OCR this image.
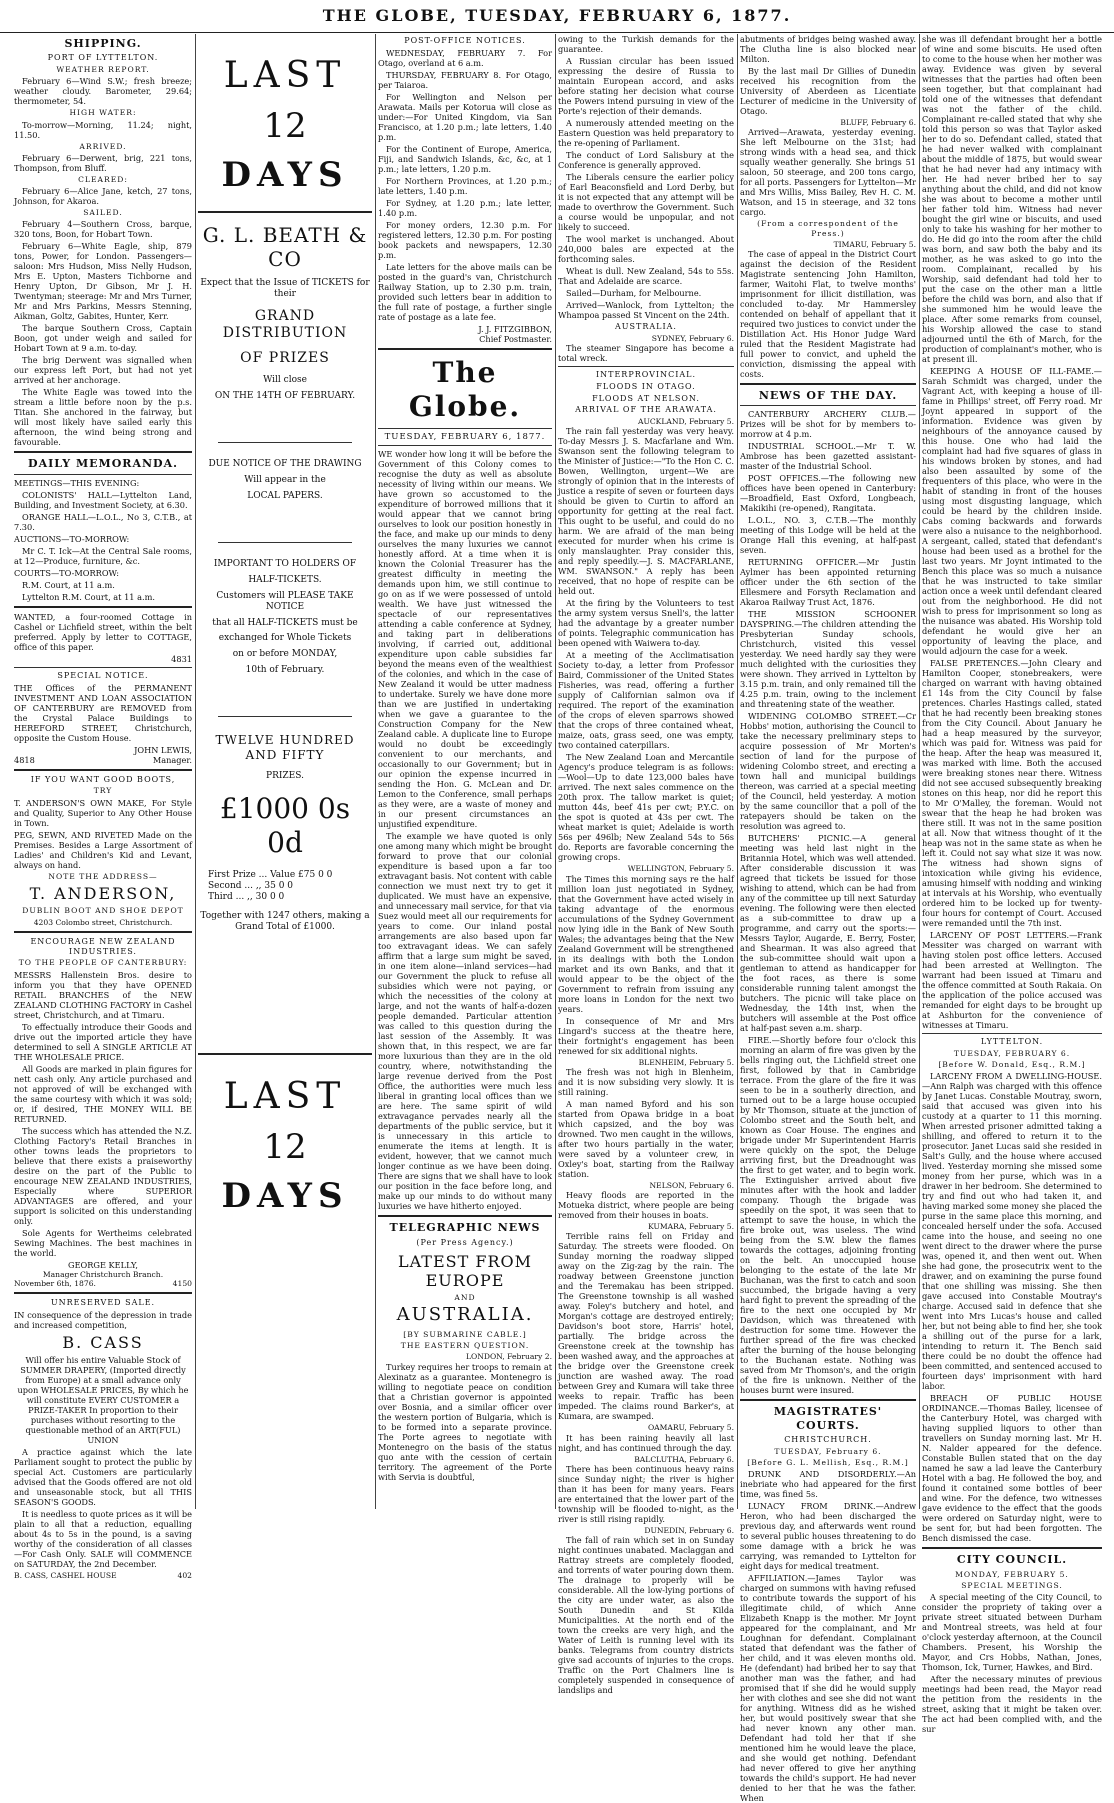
THE GLOBE, TUESDAY, FEBRUARY 6, 1877.
SHIPPING.
PORT OF LYTTELTON.
WEATHER REPORT.

February 6—Wind S.W.; fresh breeze; weather cloudy. Barometer, 29.64; thermometer, 54.

HIGH WATER:

To-morrow—Morning, 11.24; night, 11.50.

ARRIVED.

February 6—Derwent, brig, 221 tons, Thompson, from Bluff.

CLEARED:

February 6—Alice Jane, ketch, 27 tons, Johnson, for Akaroa.

SAILED.

February 4—Southern Cross, barque, 320 tons, Boon, for Hobart Town.

February 6—White Eagle, ship, 879 tons, Power, for London. Passengers—saloon: Mrs Hudson, Miss Nelly Hudson, Mrs E. Upton, Masters Tichborne and Henry Upton, Dr Gibson, Mr J. H. Twentyman; steerage: Mr and Mrs Turner, Mr and Mrs Parkins, Messrs Stenning, Aikman, Goltz, Gabites, Hunter, Kerr.

The barque Southern Cross, Captain Boon, got under weigh and sailed for Hobart Town at 9 a.m. to-day.

The brig Derwent was signalled when our express left Port, but had not yet arrived at her anchorage.

The White Eagle was towed into the stream a little before noon by the p.s. Titan. She anchored in the fairway, but will most likely have sailed early this afternoon, the wind being strong and favourable.

DAILY MEMORANDA.

MEETINGS—THIS EVENING:

COLONISTS' HALL—Lyttelton Land, Building, and Investment Society, at 6.30.

ORANGE HALL—L.O.L., No 3, C.T.B., at 7.30.

AUCTIONS—TO-MORROW:

Mr C. T. Ick—At the Central Sale rooms, at 12—Produce, furniture, &c.

COURTS—TO-MORROW:

R.M. Court, at 11 a.m.

Lyttelton R.M. Court, at 11 a.m.

WANTED, a four-roomed Cottage in Cashel or Lichfield street, within the belt preferred. Apply by letter to COTTAGE, office of this paper.

4831
SPECIAL NOTICE.

THE Offices of the PERMANENT INVESTMENT AND LOAN ASSOCIATION OF CANTERBURY are REMOVED from the Crystal Palace Buildings to HEREFORD STREET, Christchurch, opposite the Custom House.

JOHN LEWIS,
4818	Manager.
IF YOU WANT GOOD BOOTS,
TRY

T. ANDERSON'S OWN MAKE, For Style and Quality, Superior to Any Other House in Town.

PEG, SEWN, AND RIVETED Made on the Premises. Besides a Large Assortment of Ladies' and Children's Kid and Levant, always on hand.

NOTE THE ADDRESS—
T. ANDERSON,
DUBLIN BOOT AND SHOE DEPOT
4203 Colombo street, Christchurch.
ENCOURAGE NEW ZEALAND INDUSTRIES.
TO THE PEOPLE OF CANTERBURY:

MESSRS Hallenstein Bros. desire to inform you that they have OPENED RETAIL BRANCHES of the NEW ZEALAND CLOTHING FACTORY in Cashel street, Christchurch, and at Timaru.

To effectually introduce their Goods and drive out the imported article they have determined to sell A SINGLE ARTICLE AT THE WHOLESALE PRICE.

All Goods are marked in plain figures for nett cash only. Any article purchased and not approved of will be exchanged with the same courtesy with which it was sold; or, if desired, THE MONEY WILL BE RETURNED.

The success which has attended the N.Z. Clothing Factory's Retail Branches in other towns leads the proprietors to believe that there exists a praiseworthy desire on the part of the Public to encourage NEW ZEALAND INDUSTRIES, Especially where SUPERIOR ADVANTAGES are offered, and your support is solicited on this understanding only.

Sole Agents for Wertheims celebrated Sewing Machines. The best machines in the world.

GEORGE KELLY,
Manager Christchurch Branch.
November 6th, 1876.	4150
UNRESERVED SALE.

IN consequence of the depression in trade and increased competition,

B. CASS

Will offer his entire Valuable Stock of SUMMER DRAPERY, (Imported directly from Europe) at a small advance only upon WHOLESALE PRICES, By which he will constitute EVERY CUSTOMER a PRIZE-TAKER In proportion to their purchases without resorting to the questionable method of an ART(FUL) UNION

A practice against which the late Parliament sought to protect the public by special Act. Customers are particularly advised that the Goods offered are not old and unseasonable stock, but all THIS SEASON'S GOODS.

It is needless to quote prices as it will be plain to all that a reduction, equalling about 4s to 5s in the pound, is a saving worthy of the consideration of all classes—For Cash Only. SALE will COMMENCE on SATURDAY, the 2nd December.

B. CASS, CASHEL HOUSE	402
LAST
12
DAYS
G. L. BEATH & CO
Expect that the Issue of TICKETS for their
GRAND DISTRIBUTION
OF PRIZES
Will close
ON THE 14TH OF FEBRUARY.
DUE NOTICE OF THE DRAWING
Will appear in the
LOCAL PAPERS.
IMPORTANT TO HOLDERS OF
HALF-TICKETS.
Customers will PLEASE TAKE NOTICE
that all HALF-TICKETS must be
exchanged for Whole Tickets
on or before MONDAY,
10th of February.
TWELVE HUNDRED AND FIFTY
PRIZES.
£1000 0s 0d
First Prize ... Value £75 0 0
Second ... ,, 35 0 0
Third ... ,, 30 0 0
Together with 1247 others, making a Grand Total of £1000.
LAST
12
DAYS
POST-OFFICE NOTICES.

WEDNESDAY, FEBRUARY 7. For Otago, overland at 6 a.m.

THURSDAY, FEBRUARY 8. For Otago, per Taiaroa.

For Wellington and Nelson per Arawata. Mails per Kotorua will close as under:—For United Kingdom, via San Francisco, at 1.20 p.m.; late letters, 1.40 p.m.

For the Continent of Europe, America, Fiji, and Sandwich Islands, &c, &c, at 1 p.m.; late letters, 1.20 p.m.

For Northern Provinces, at 1.20 p.m.; late letters, 1.40 p.m.

For Sydney, at 1.20 p.m.; late letter, 1.40 p.m.

For money orders, 12.30 p.m. For registered letters, 12.30 p.m. For posting book packets and newspapers, 12.30 p.m.

Late letters for the above mails can be posted in the guard's van, Christchurch Railway Station, up to 2.30 p.m. train, provided such letters bear in addition to the full rate of postage, a further single rate of postage as a late fee.

J. J. FITZGIBBON,
Chief Postmaster.
The Globe.
TUESDAY, FEBRUARY 6, 1877.

WE wonder how long it will be before the Government of this Colony comes to recognise the duty as well as absolute necessity of living within our means. We have grown so accustomed to the expenditure of borrowed millions that it would appear that we cannot bring ourselves to look our position honestly in the face, and make up our minds to deny ourselves the many luxuries we cannot honestly afford. At a time when it is known the Colonial Treasurer has the greatest difficulty in meeting the demands upon him, we still continue to go on as if we were possessed of untold wealth. We have just witnessed the spectacle of our representatives attending a cable conference at Sydney, and taking part in deliberations involving, if carried out, additional expenditure upon cable subsidies far beyond the means even of the wealthiest of the colonies, and which in the case of New Zealand it would be utter madness to undertake. Surely we have done more than we are justified in undertaking when we gave a guarantee to the Construction Company for the New Zealand cable. A duplicate line to Europe would no doubt be exceedingly convenient to our merchants, and occasionally to our Government; but in our opinion the expense incurred in sending the Hon. G. McLean and Dr. Lemon to the Conference, small perhaps as they were, are a waste of money and in our present circumstances an unjustified expenditure.

The example we have quoted is only one among many which might be brought forward to prove that our colonial expenditure is based upon a far too extravagant basis. Not content with cable connection we must next try to get it duplicated. We must have an expensive, and unnecessary mail service, for that via Suez would meet all our requirements for years to come. Our inland postal arrangements are also based upon far too extravagant ideas. We can safely affirm that a large sum might be saved, in one item alone—inland services—had our Government the pluck to refuse all subsidies which were not paying, or which the necessities of the colony at large, and not the wants of half-a-dozen people demanded. Particular attention was called to this question during the last session of the Assembly. It was shown that, in this respect, we are far more luxurious than they are in the old country, where, notwithstanding the large revenue derived from the Post Office, the authorities were much less liberal in granting local offices than we are here. The same spirit of wild extravagance pervades nearly all the departments of the public service, but it is unnecessary in this article to enumerate the items at length. It is evident, however, that we cannot much longer continue as we have been doing. There are signs that we shall have to look our position in the face before long, and make up our minds to do without many luxuries we have hitherto enjoyed.

TELEGRAPHIC NEWS
(Per Press Agency.)
LATEST FROM EUROPE
AND
AUSTRALIA.
[BY SUBMARINE CABLE.]
THE EASTERN QUESTION.
LONDON, February 2.

Turkey requires her troops to remain at Alexinatz as a guarantee. Montenegro is willing to negotiate peace on condition that a Christian governor is appointed over Bosnia, and a similar officer over the western portion of Bulgaria, which is to be formed into a separate province. The Porte agrees to negotiate with Montenegro on the basis of the status quo ante with the cession of certain territory. The agreement of the Porte with Servia is doubtful,

owing to the Turkish demands for the guarantee.

A Russian circular has been issued expressing the desire of Russia to maintain European accord, and asks before stating her decision what course the Powers intend pursuing in view of the Porte's rejection of their demands.

A numerously attended meeting on the Eastern Question was held preparatory to the re-opening of Parliament.

The conduct of Lord Salisbury at the Conference is generally approved.

The Liberals censure the earlier policy of Earl Beaconsfield and Lord Derby, but it is not expected that any attempt will be made to overthrow the Government. Such a course would be unpopular, and not likely to succeed.

The wool market is unchanged. About 240,000 bales are expected at the forthcoming sales.

Wheat is dull. New Zealand, 54s to 55s. That and Adelaide are scarce.

Sailed—Durham, for Melbourne.

Arrived—Wanlock, from Lyttelton; the Whampoa passed St Vincent on the 24th.

AUSTRALIA.
SYDNEY, February 6.

The steamer Singapore has become a total wreck.

INTERPROVINCIAL.
FLOODS IN OTAGO.
FLOODS AT NELSON.
ARRIVAL OF THE ARAWATA.
AUCKLAND, February 5.

The rain fall yesterday was very heavy. To-day Messrs J. S. Macfarlane and Wm. Swanson sent the following telegram to the Minister of Justice:—"To the Hon C. C. Bowen, Wellington, urgent—We are strongly of opinion that in the interests of justice a respite of seven or fourteen days should be given to Curtin to afford an opportunity for getting at the real fact. This ought to be useful, and could do no harm. We are afraid of the man being executed for murder when his crime is only manslaughter. Pray consider this, and reply speedily.—J. S. MACFARLANE, WM. SWANSON." A reply has been received, that no hope of respite can be held out.

At the firing by the Volunteers to test the army system versus Snell's, the latter had the advantage by a greater number of points. Telegraphic communication has been opened with Waiwera to-day.

At a meeting of the Acclimatisation Society to-day, a letter from Professor Baird, Commissioner of the United States Fisheries, was read, offering a further supply of Californian salmon ova if required. The report of the examination of the crops of eleven sparrows showed that the crops of three contained wheat, maize, oats, grass seed, one was empty, two contained caterpillars.

The New Zealand Loan and Mercantile Agency's produce telegram is as follows:—Wool—Up to date 123,000 bales have arrived. The next sales commence on the 20th prox. The tallow market is quiet; mutton 44s, beef 41s per cwt; P.Y.C. on the spot is quoted at 43s per cwt. The wheat market is quiet; Adelaide is worth 56s per 496lb; New Zealand 54s to 56s do. Reports are favorable concerning the growing crops.

WELLINGTON, February 5.

The Times this morning says re the half million loan just negotiated in Sydney, that the Government have acted wisely in taking advantage of the enormous accumulations of the Sydney Government now lying idle in the Bank of New South Wales; the advantages being that the New Zealand Government will be strengthened in its dealings with both the London market and its own Banks, and that it would appear to be the object of the Government to refrain from issuing any more loans in London for the next two years.

In consequence of Mr and Mrs Lingard's success at the theatre here, their fortnight's engagement has been renewed for six additional nights.

BLENHEIM, February 5.

The fresh was not high in Blenheim, and it is now subsiding very slowly. It is still raining.

A man named Byford and his son started from Opawa bridge in a boat which capsized, and the boy was drowned. Two men caught in the willows, after two hours partially in the water, were saved by a volunteer crew, in Oxley's boat, starting from the Railway station.

NELSON, February 6.

Heavy floods are reported in the Motueka district, where people are being removed from their houses in boats.

KUMARA, February 5.

Terrible rains fell on Friday and Saturday. The streets were flooded. On Sunday morning the roadway slipped away on the Zig-zag by the rain. The roadway between Greenstone junction and the Teremakau has been stripped. The Greenstone township is all washed away. Foley's butchery and hotel, and Morgan's cottage are destroyed entirely; Davidson's boot store, Harris' hotel, partially. The bridge across the Greenstone creek at the township has been washed away, and the approaches at the bridge over the Greenstone creek junction are washed away. The road between Grey and Kumara will take three weeks to repair. Traffic has been impeded. The claims round Barker's, at Kumara, are swamped.

OAMARU, February 5.

It has been raining heavily all last night, and has continued through the day.

BALCLUTHA, February 6.

There has been continuous heavy rains since Sunday night; the river is higher than it has been for many years. Fears are entertained that the lower part of the township will be flooded to-night, as the river is still rising rapidly.

DUNEDIN, February 6.

The fall of rain which set in on Sunday night continues unabated. Maclaggan and Rattray streets are completely flooded, and torrents of water pouring down them. The drainage to properly will be considerable. All the low-lying portions of the city are under water, as also the South Dunedin and St Kilda Municipalities. At the north end of the town the creeks are very high, and the Water of Leith is running level with its banks. Telegrams from country districts give sad accounts of injuries to the crops. Traffic on the Port Chalmers line is completely suspended in consequence of landslips and

abutments of bridges being washed away. The Clutha line is also blocked near Milton.

By the last mail Dr Gillies of Dunedin received his recognition from the University of Aberdeen as Licentiate Lecturer of medicine in the University of Otago.

BLUFF, February 6.

Arrived—Arawata, yesterday evening. She left Melbourne on the 31st; had strong winds with a head sea, and thick squally weather generally. She brings 51 saloon, 50 steerage, and 200 tons cargo, for all ports. Passengers for Lyttelton—Mr and Mrs Willis, Miss Bailey, Rev H. C. M. Watson, and 15 in steerage, and 32 tons cargo.

(From a correspondent of the Press.)
TIMARU, February 5.

The case of appeal in the District Court against the decision of the Resident Magistrate sentencing John Hamilton, farmer, Waitohi Flat, to twelve months' imprisonment for illicit distillation, was concluded to-day. Mr Hammersley contended on behalf of appellant that it required two justices to convict under the Distillation Act. His Honor Judge Ward ruled that the Resident Magistrate had full power to convict, and upheld the conviction, dismissing the appeal with costs.

NEWS OF THE DAY.

CANTERBURY ARCHERY CLUB.—Prizes will be shot for by members to-morrow at 4 p.m.

INDUSTRIAL SCHOOL.—Mr T. W. Ambrose has been gazetted assistant-master of the Industrial School.

POST OFFICES.—The following new offices have been opened in Canterbury:—Broadfield, East Oxford, Longbeach, Makikihi (re-opened), Rangitata.

L.O.L., NO. 3, C.T.B.—The monthly meeting of this Lodge will be held at the Orange Hall this evening, at half-past seven.

RETURNING OFFICER.—Mr Justin Aylmer has been appointed returning officer under the 6th section of the Ellesmere and Forsyth Reclamation and Akaroa Railway Trust Act, 1876.

THE MISSION SCHOONER DAYSPRING.—The children attending the Presbyterian Sunday schools, Christchurch, visited this vessel yesterday. We need hardly say they were much delighted with the curiosities they were shown. They arrived in Lyttelton by 3.15 p.m. train, and only remained till the 4.25 p.m. train, owing to the inclement and threatening state of the weather.

WIDENING COLOMBO STREET.—Cr Hobbs' motion, authorising the Council to take the necessary preliminary steps to acquire possession of Mr Morten's section of land for the purpose of widening Colombo street, and erecting a town hall and municipal buildings thereon, was carried at a special meeting of the Council, held yesterday. A motion by the same councillor that a poll of the ratepayers should be taken on the resolution was agreed to.

BUTCHERS' PICNIC.—A general meeting was held last night in the Britannia Hotel, which was well attended. After considerable discussion it was agreed that tickets be issued for those wishing to attend, which can be had from any of the committee up till next Saturday evening. The following were then elected as a sub-committee to draw up a programme, and carry out the sports:—Messrs Taylor, Augarde, E. Berry, Foster, and Shearman. It was also agreed that the sub-committee should wait upon a gentleman to attend as handicapper for the foot races, as there is some considerable running talent amongst the butchers. The picnic will take place on Wednesday, the 14th inst, when the butchers will assemble at the Post office at half-past seven a.m. sharp.

FIRE.—Shortly before four o'clock this morning an alarm of fire was given by the bells ringing out, the Lichfield street one first, followed by that in Cambridge terrace. From the glare of the fire it was seen to be in a southerly direction, and turned out to be a large house occupied by Mr Thomson, situate at the junction of Colombo street and the South belt, and known as Coar House. The engines and brigade under Mr Superintendent Harris were quickly on the spot, the Deluge arriving first, but the Dreadnought was the first to get water, and to begin work. The Extinguisher arrived about five minutes after with the hook and ladder company. Though the brigade was speedily on the spot, it was seen that to attempt to save the house, in which the fire broke out, was useless. The wind being from the S.W. blew the flames towards the cottages, adjoining fronting on the belt. An unoccupied house belonging to the estate of the late Mr Buchanan, was the first to catch and soon succumbed, the brigade having a very hard fight to prevent the spreading of the fire to the next one occupied by Mr Davidson, which was threatened with destruction for some time. However the further spread of the fire was checked after the burning of the house belonging to the Buchanan estate. Nothing was saved from Mr Thomson's, and the origin of the fire is unknown. Neither of the houses burnt were insured.

MAGISTRATES' COURTS.
CHRISTCHURCH.
TUESDAY, February 6.
[Before G. L. Mellish, Esq., R.M.]

DRUNK AND DISORDERLY.—An inebriate who had appeared for the first time, was fined 5s.

LUNACY FROM DRINK.—Andrew Heron, who had been discharged the previous day, and afterwards went round to several public houses threatening to do some damage with a brick he was carrying, was remanded to Lyttelton for eight days for medical treatment.

AFFILIATION.—James Taylor was charged on summons with having refused to contribute towards the support of his illegitimate child, of which Anne Elizabeth Knapp is the mother. Mr Joynt appeared for the complainant, and Mr Loughnan for defendant. Complainant stated that defendant was the father of her child, and it was eleven months old. He (defendant) had bribed her to say that another man was the father, and had promised that if she did he would supply her with clothes and see she did not want for anything. Witness did as he wished her, but would positively swear that she had never known any other man. Defendant had told her that if she mentioned him he would leave the place, and she would get nothing. Defendant had never offered to give her anything towards the child's support. He had never denied to her that he was the father. When

she was ill defendant brought her a bottle of wine and some biscuits. He used often to come to the house when her mother was away. Evidence was given by several witnesses that the parties had often been seen together, but that complainant had told one of the witnesses that defendant was not the father of the child. Complainant re-called stated that why she told this person so was that Taylor asked her to do so. Defendant called, stated that he had never walked with complainant about the middle of 1875, but would swear that he had never had any intimacy with her. He had never bribed her to say anything about the child, and did not know she was about to become a mother until her father told him. Witness had never bought the girl wine or biscuits, and used only to take his washing for her mother to do. He did go into the room after the child was born, and saw both the baby and its mother, as he was asked to go into the room. Complainant, recalled by his Worship, said defendant had told her to put the case on the other man a little before the child was born, and also that if she summoned him he would leave the place. After some remarks from counsel, his Worship allowed the case to stand adjourned until the 6th of March, for the production of complainant's mother, who is at present ill.

KEEPING A HOUSE OF ILL-FAME.—Sarah Schmidt was charged, under the Vagrant Act, with keeping a house of ill-fame in Phillips' street, off Ferry road. Mr Joynt appeared in support of the information. Evidence was given by neighbours of the annoyance caused by this house. One who had laid the complaint had had five squares of glass in his windows broken by stones, and had also been assaulted by some of the frequenters of this place, who were in the habit of standing in front of the houses using most disgusting language, which could be heard by the children inside. Cabs coming backwards and forwards were also a nuisance to the neighborhood. A sergeant, called, stated that defendant's house had been used as a brothel for the last two years. Mr Joynt intimated to the Bench this place was so much a nuisance that he was instructed to take similar action once a week until defendant cleared out from the neighborhood. He did not wish to press for imprisonment so long as the nuisance was abated. His Worship told defendant he would give her an opportunity of leaving the place, and would adjourn the case for a week.

FALSE PRETENCES.—John Cleary and Hamilton Cooper, stonebreakers, were charged on warrant with having obtained £1 14s from the City Council by false pretences. Charles Hastings called, stated that he had recently been breaking stones from the City Council. About January he had a heap measured by the surveyor, which was paid for. Witness was paid for the heap. After the heap was measured it, was marked with lime. Both the accused were breaking stones near there. Witness did not see accused subsequently breaking stones on this heap, nor did he report this to Mr O'Malley, the foreman. Would not swear that the heap he had broken was there still. It was not in the same position at all. Now that witness thought of it the heap was not in the same state as when he left it. Could not say what size it was now. The witness had shown signs of intoxication while giving his evidence, amusing himself with nodding and winking at intervals at his Worship, who eventually ordered him to be locked up for twenty-four hours for contempt of Court. Accused were remanded until the 7th inst.

LARCENY OF POST LETTERS.—Frank Messiter was charged on warrant with having stolen post office letters. Accused had been arrested at Wellington. The warrant had been issued at Timaru and the offence committed at South Rakaia. On the application of the police accused was remanded for eight days to be brought up at Ashburton for the convenience of witnesses at Timaru.

LYTTELTON.
TUESDAY, FEBRUARY 6.
[Before W. Donald, Esq., R.M.]

LARCENY FROM A DWELLING-HOUSE.—Ann Ralph was charged with this offence by Janet Lucas. Constable Moutray, sworn, said that accused was given into his custody at a quarter to 11 this morning. When arrested prisoner admitted taking a shilling, and offered to return it to the prosecutor. Janet Lucas said she resided in Salt's Gully, and the house where accused lived. Yesterday morning she missed some money from her purse, which was in a drawer in her bedroom. She determined to try and find out who had taken it, and having marked some money she placed the purse in the same place this morning, and concealed herself under the sofa. Accused came into the house, and seeing no one went direct to the drawer where the purse was, opened it, and then went out. When she had gone, the prosecutrix went to the drawer, and on examining the purse found that one shilling was missing. She then gave accused into Constable Moutray's charge. Accused said in defence that she went into Mrs Lucas's house and called her, but not being able to find her, she took a shilling out of the purse for a lark, intending to return it. The Bench said there could be no doubt the offence had been committed, and sentenced accused to fourteen days' imprisonment with hard labor.

BREACH OF PUBLIC HOUSE ORDINANCE.—Thomas Bailey, licensee of the Canterbury Hotel, was charged with having supplied liquors to other than travellers on Sunday morning last. Mr H. N. Nalder appeared for the defence. Constable Bullen stated that on the day named he saw a lad leave the Canterbury Hotel with a bag. He followed the boy, and found it contained some bottles of beer and wine. For the defence, two witnesses gave evidence to the effect that the goods were ordered on Saturday night, were to be sent for, but had been forgotten. The Bench dismissed the case.

CITY COUNCIL.
MONDAY, FEBRUARY 5.
SPECIAL MEETINGS.

A special meeting of the City Council, to consider the propriety of taking over a private street situated between Durham and Montreal streets, was held at four o'clock yesterday afternoon, at the Council Chambers. Present, his Worship the Mayor, and Crs Hobbs, Nathan, Jones, Thomson, Ick, Turner, Hawkes, and Bird.

After the necessary minutes of previous meetings had been read, the Mayor read the petition from the residents in the street, asking that it might be taken over. The act had been complied with, and the sur
